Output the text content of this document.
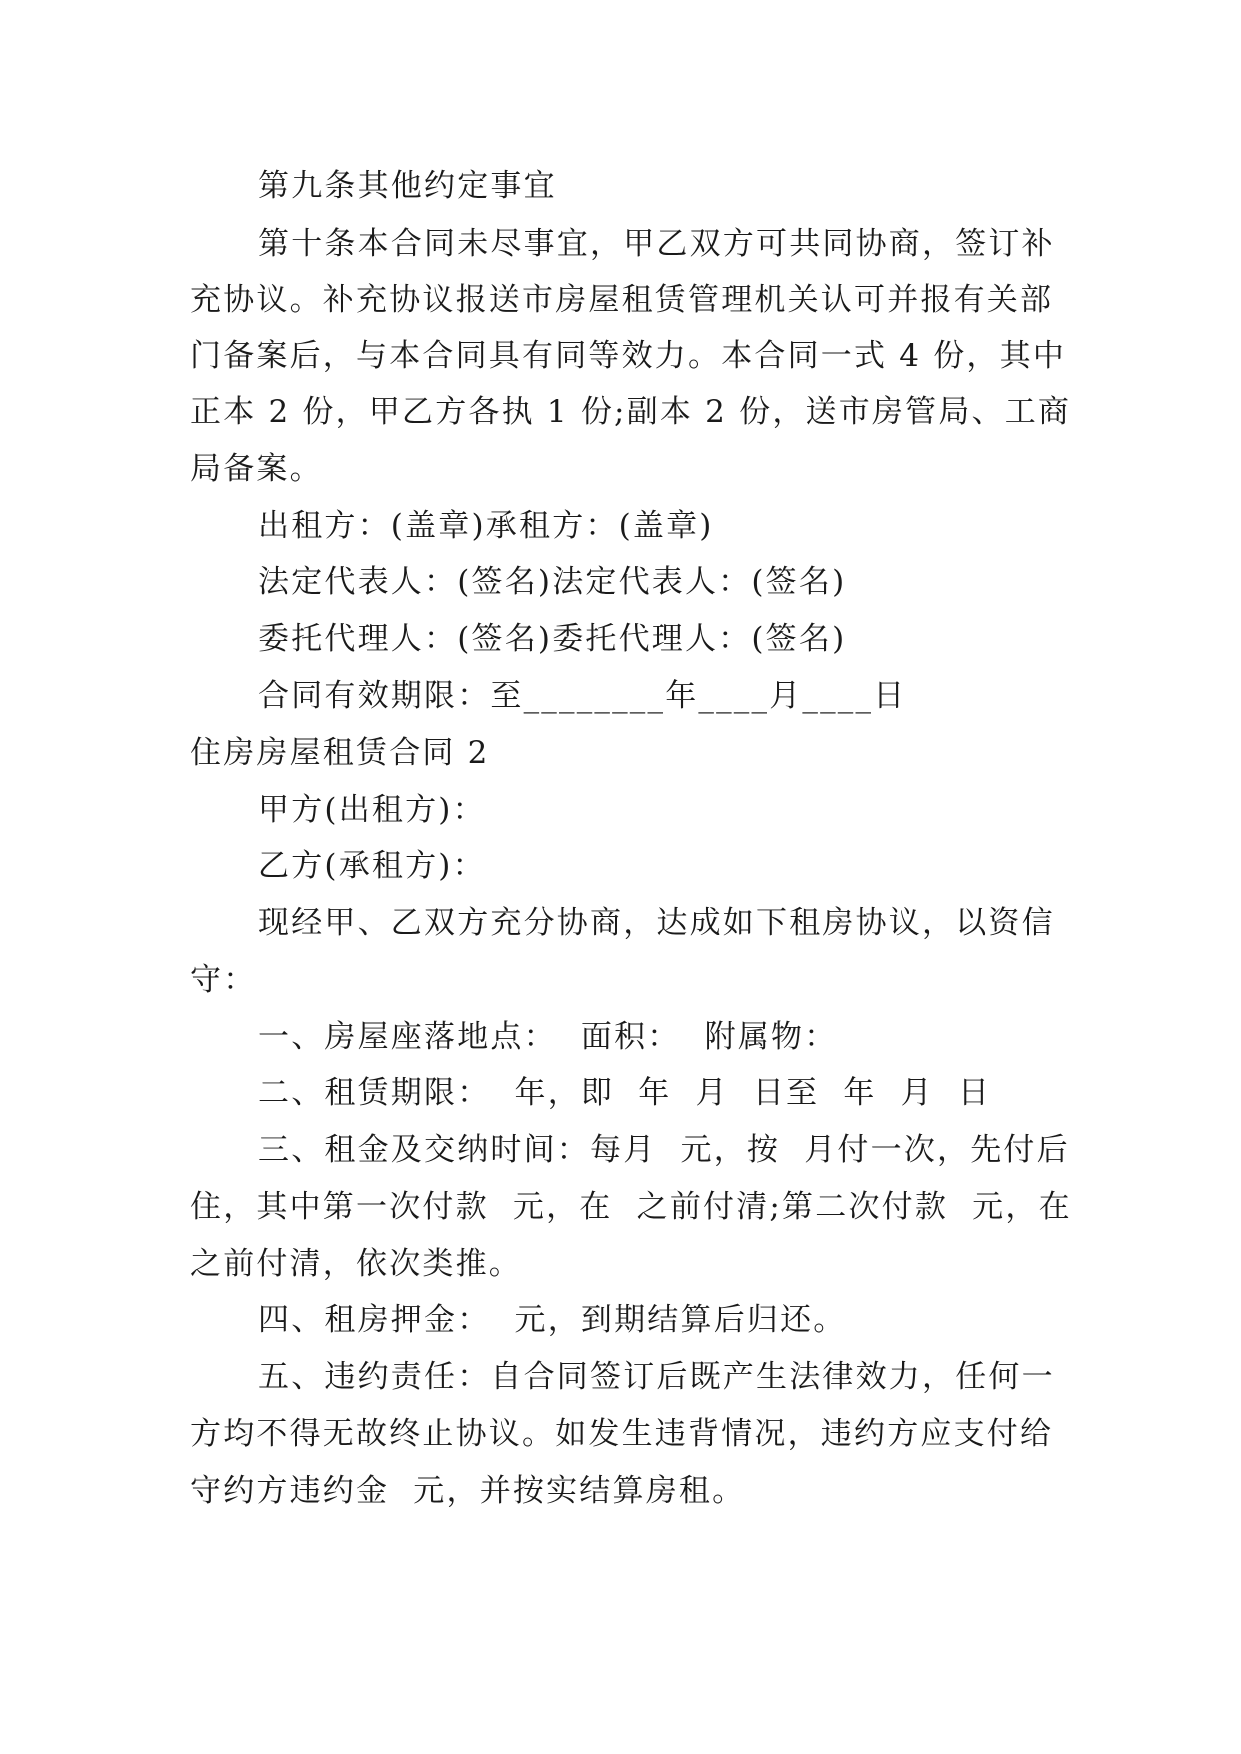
第九条其他约定事宜
第十条本合同未尽事宜，甲乙双方可共同协商，签订补
充协议。补充协议报送市房屋租赁管理机关认可并报有关部
门备案后，与本合同具有同等效力。本合同一式 4 份，其中
正本 2 份，甲乙方各执 1 份;副本 2 份，送市房管局、工商
局备案。
出租方：(盖章)承租方：(盖章)
法定代表人：(签名)法定代表人：(签名)
委托代理人：(签名)委托代理人：(签名)
合同有效期限：至________年____月____日
住房房屋租赁合同 2
甲方(出租方)：
乙方(承租方)：
现经甲、乙双方充分协商，达成如下租房协议，以资信
守：
一、房屋座落地点：  面积：  附属物：
二、租赁期限：  年，即  年  月  日至  年  月  日
三、租金及交纳时间：每月  元，按  月付一次，先付后
住，其中第一次付款  元，在  之前付清;第二次付款  元，在
之前付清，依次类推。
四、租房押金：  元，到期结算后归还。
五、违约责任：自合同签订后既产生法律效力，任何一
方均不得无故终止协议。如发生违背情况，违约方应支付给
守约方违约金  元，并按实结算房租。
